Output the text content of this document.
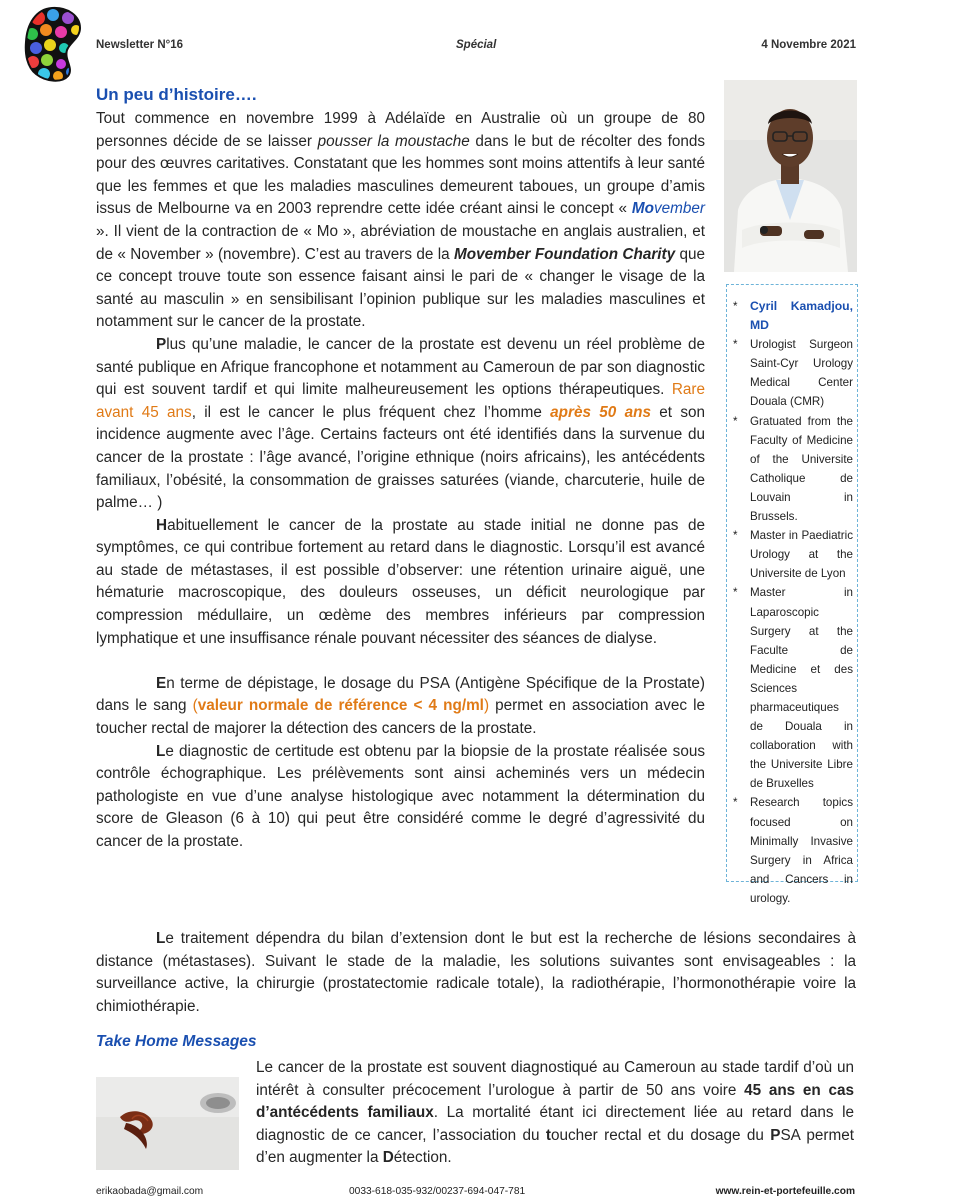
Newsletter N°16	Spécial	4 Novembre 2021
Un peu d’histoire….

Tout commence en novembre 1999 à Adélaïde en Australie où un groupe de 80 personnes décide de se laisser pousser la moustache dans le but de récolter des fonds pour des œuvres caritatives. Constatant que les hommes sont moins attentifs à leur santé que les femmes et que les maladies masculines demeurent taboues, un groupe d’amis issus de Melbourne va en 2003 reprendre cette idée créant ainsi le concept « Movember ». Il vient de la contraction de « Mo », abréviation de moustache en anglais australien, et de « November » (novembre). C’est au travers de la Movember Foundation Charity que ce concept trouve toute son essence faisant ainsi le pari de « changer le visage de la santé au masculin » en sensibilisant l’opinion publique sur les maladies masculines et notamment sur le cancer de la prostate.

Plus qu’une maladie, le cancer de la prostate est devenu un réel problème de santé publique en Afrique francophone et notamment au Cameroun de par son diagnostic qui est souvent tardif et qui limite malheureusement les options thérapeutiques. Rare avant 45 ans, il est le cancer le plus fréquent chez l’homme après 50 ans et son incidence augmente avec l’âge. Certains facteurs ont été identifiés dans la survenue du cancer de la prostate : l’âge avancé, l’origine ethnique (noirs africains), les antécédents familiaux, l’obésité, la consommation de graisses saturées (viande, charcuterie, huile de palme… )

Habituellement le cancer de la prostate au stade initial ne donne pas de symptômes, ce qui contribue fortement au retard dans le diagnostic. Lorsqu’il est avancé au stade de métastases, il est possible d’observer: une rétention urinaire aiguë, une hématurie macroscopique, des douleurs osseuses, un déficit neurologique par compression médullaire, un œdème des membres inférieurs par compression lymphatique et une insuffisance rénale pouvant nécessiter des séances de dialyse.

En terme de dépistage, le dosage du PSA (Antigène Spécifique de la Prostate) dans le sang (valeur normale de référence < 4 ng/ml) permet en association avec le toucher rectal de majorer la détection des cancers de la prostate.

Le diagnostic de certitude est obtenu par la biopsie de la prostate réalisée sous contrôle échographique. Les prélèvements sont ainsi acheminés vers un médecin pathologiste en vue d’une analyse histologique avec notamment la détermination du score de Gleason (6 à 10) qui peut être considéré comme le degré d’agressivité du cancer de la prostate.

Le traitement dépendra du bilan d’extension dont le but est la recherche de lésions secondaires à distance (métastases). Suivant le stade de la maladie, les solutions suivantes sont envisageables : la surveillance active, la chirurgie (prostatectomie radicale totale), la radiothérapie, l’hormonothérapie voire la chimiothérapie.

* Cyril Kamadjou, MD
* Urologist Surgeon Saint-Cyr Urology Medical Center Douala (CMR)
* Gratuated from the Faculty of Medicine of the Universite Catholique de Louvain in Brussels.
* Master in Paediatric Urology at the Universite de Lyon
* Master in Laparoscopic Surgery at the Faculte de Medicine et des Sciences pharmaceutiques de Douala in collaboration with the Universite Libre de Bruxelles
* Research topics focused on Minimally Invasive Surgery in Africa and Cancers in urology.
Take Home Messages

Le cancer de la prostate est souvent diagnostiqué au Cameroun au stade tardif d’où un intérêt à consulter précocement l’urologue à partir de 50 ans voire 45 ans en cas d’antécédents familiaux. La mortalité étant ici directement liée au retard dans le diagnostic de ce cancer, l’association du toucher rectal et du dosage du PSA permet d’en augmenter la Détection.

erikaobada@gmail.com	0033-618-035-932/00237-694-047-781	www.rein-et-portefeuille.com
